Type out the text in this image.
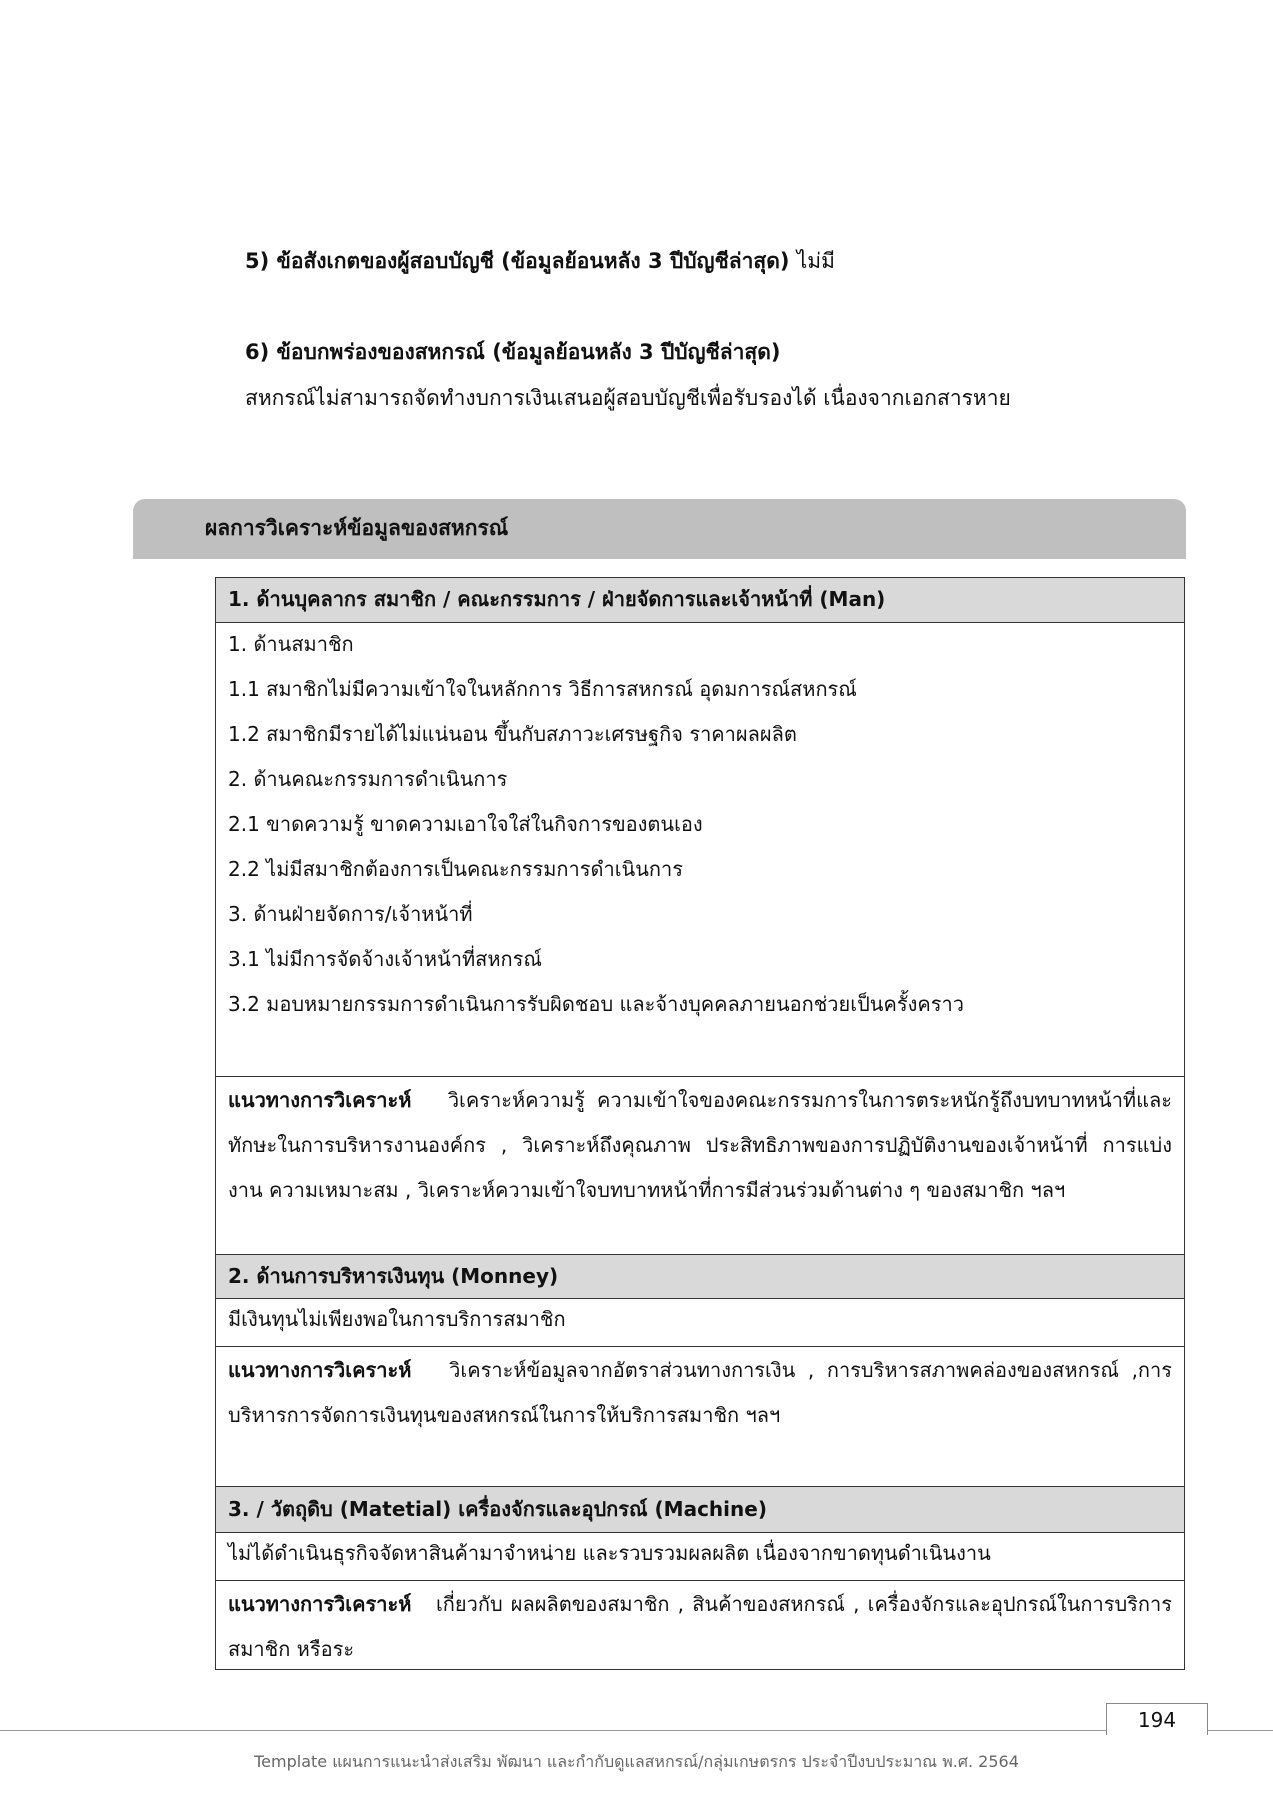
5) ข้อสังเกตของผู้สอบบัญชี (ข้อมูลย้อนหลัง 3 ปีบัญชีล่าสุด) ไม่มี
6) ข้อบกพร่องของสหกรณ์ (ข้อมูลย้อนหลัง 3 ปีบัญชีล่าสุด)
สหกรณ์ไม่สามารถจัดทำงบการเงินเสนอผู้สอบบัญชีเพื่อรับรองได้ เนื่องจากเอกสารหาย
ผลการวิเคราะห์ข้อมูลของสหกรณ์
1. ด้านบุคลากร สมาชิก / คณะกรรมการ / ฝ่ายจัดการและเจ้าหน้าที่ (Man)
1. ด้านสมาชิก
1.1 สมาชิกไม่มีความเข้าใจในหลักการ วิธีการสหกรณ์ อุดมการณ์สหกรณ์
1.2 สมาชิกมีรายได้ไม่แน่นอน ขึ้นกับสภาวะเศรษฐกิจ ราคาผลผลิต
2. ด้านคณะกรรมการดำเนินการ
2.1 ขาดความรู้ ขาดความเอาใจใส่ในกิจการของตนเอง
2.2 ไม่มีสมาชิกต้องการเป็นคณะกรรมการดำเนินการ
3. ด้านฝ่ายจัดการ/เจ้าหน้าที่
3.1 ไม่มีการจัดจ้างเจ้าหน้าที่สหกรณ์
3.2 มอบหมายกรรมการดำเนินการรับผิดชอบ และจ้างบุคคลภายนอกช่วยเป็นครั้งคราว
แนวทางการวิเคราะห์ วิเคราะห์ความรู้ ความเข้าใจของคณะกรรมการในการตระหนักรู้ถึงบทบาทหน้าที่และทักษะในการบริหารงานองค์กร , วิเคราะห์ถึงคุณภาพ ประสิทธิภาพของการปฏิบัติงานของเจ้าหน้าที่ การแบ่งงาน ความเหมาะสม , วิเคราะห์ความเข้าใจบทบาทหน้าที่การมีส่วนร่วมด้านต่าง ๆ ของสมาชิก ฯลฯ
2. ด้านการบริหารเงินทุน (Monney)
มีเงินทุนไม่เพียงพอในการบริการสมาชิก
แนวทางการวิเคราะห์ วิเคราะห์ข้อมูลจากอัตราส่วนทางการเงิน , การบริหารสภาพคล่องของสหกรณ์ ,การบริหารการจัดการเงินทุนของสหกรณ์ในการให้บริการสมาชิก ฯลฯ
3. / วัตถุดิบ (Matetial) เครื่องจักรและอุปกรณ์ (Machine)
ไม่ได้ดำเนินธุรกิจจัดหาสินค้ามาจำหน่าย และรวบรวมผลผลิต เนื่องจากขาดทุนดำเนินงาน
แนวทางการวิเคราะห์ เกี่ยวกับ ผลผลิตของสมาชิก , สินค้าของสหกรณ์ , เครื่องจักรและอุปกรณ์ในการบริการสมาชิก หรือระ
194
Template แผนการแนะนำส่งเสริม พัฒนา และกำกับดูแลสหกรณ์/กลุ่มเกษตรกร ประจำปีงบประมาณ พ.ศ. 2564
